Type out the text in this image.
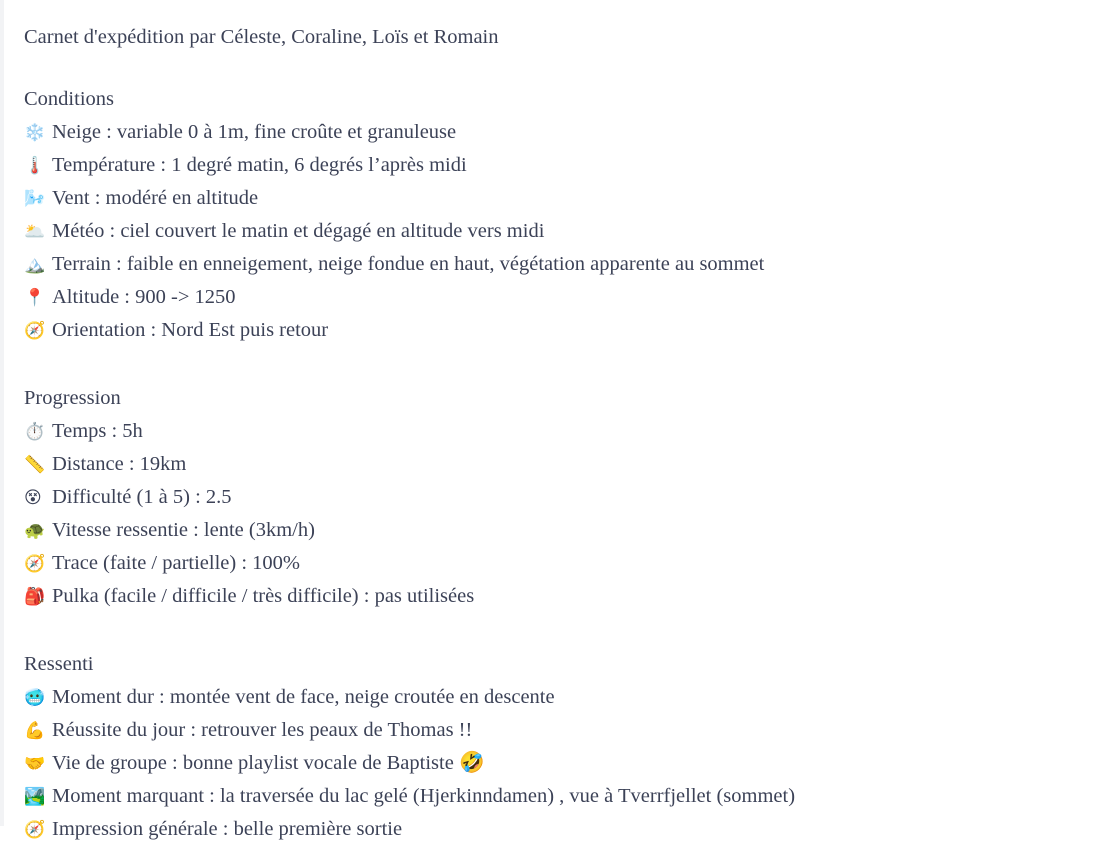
Carnet d'expédition par Céleste, Coraline, Loïs et Romain
Conditions
❄️ Neige : variable 0 à 1m, fine croûte et granuleuse
🌡️ Température : 1 degré matin, 6 degrés l’après midi
🌬️ Vent : modéré en altitude
🌥️ Météo : ciel couvert le matin et dégagé en altitude vers midi
🏔️ Terrain : faible en enneigement, neige fondue en haut, végétation apparente au sommet
📍 Altitude : 900 -> 1250
🧭 Orientation : Nord Est puis retour
Progression
⏱️ Temps : 5h
📏 Distance : 19km
😵 Difficulté (1 à 5) : 2.5
🐢 Vitesse ressentie : lente (3km/h)
🧭 Trace (faite / partielle) : 100%
🎒 Pulka (facile / difficile / très difficile) : pas utilisées
Ressenti
🥶 Moment dur : montée vent de face, neige croutée en descente
💪 Réussite du jour : retrouver les peaux de Thomas !!
🤝 Vie de groupe : bonne playlist vocale de Baptiste 🤣
🏞️ Moment marquant : la traversée du lac gelé (Hjerkinndamen) , vue à Tverrfjellet (sommet)
🧭 Impression générale : belle première sortie
